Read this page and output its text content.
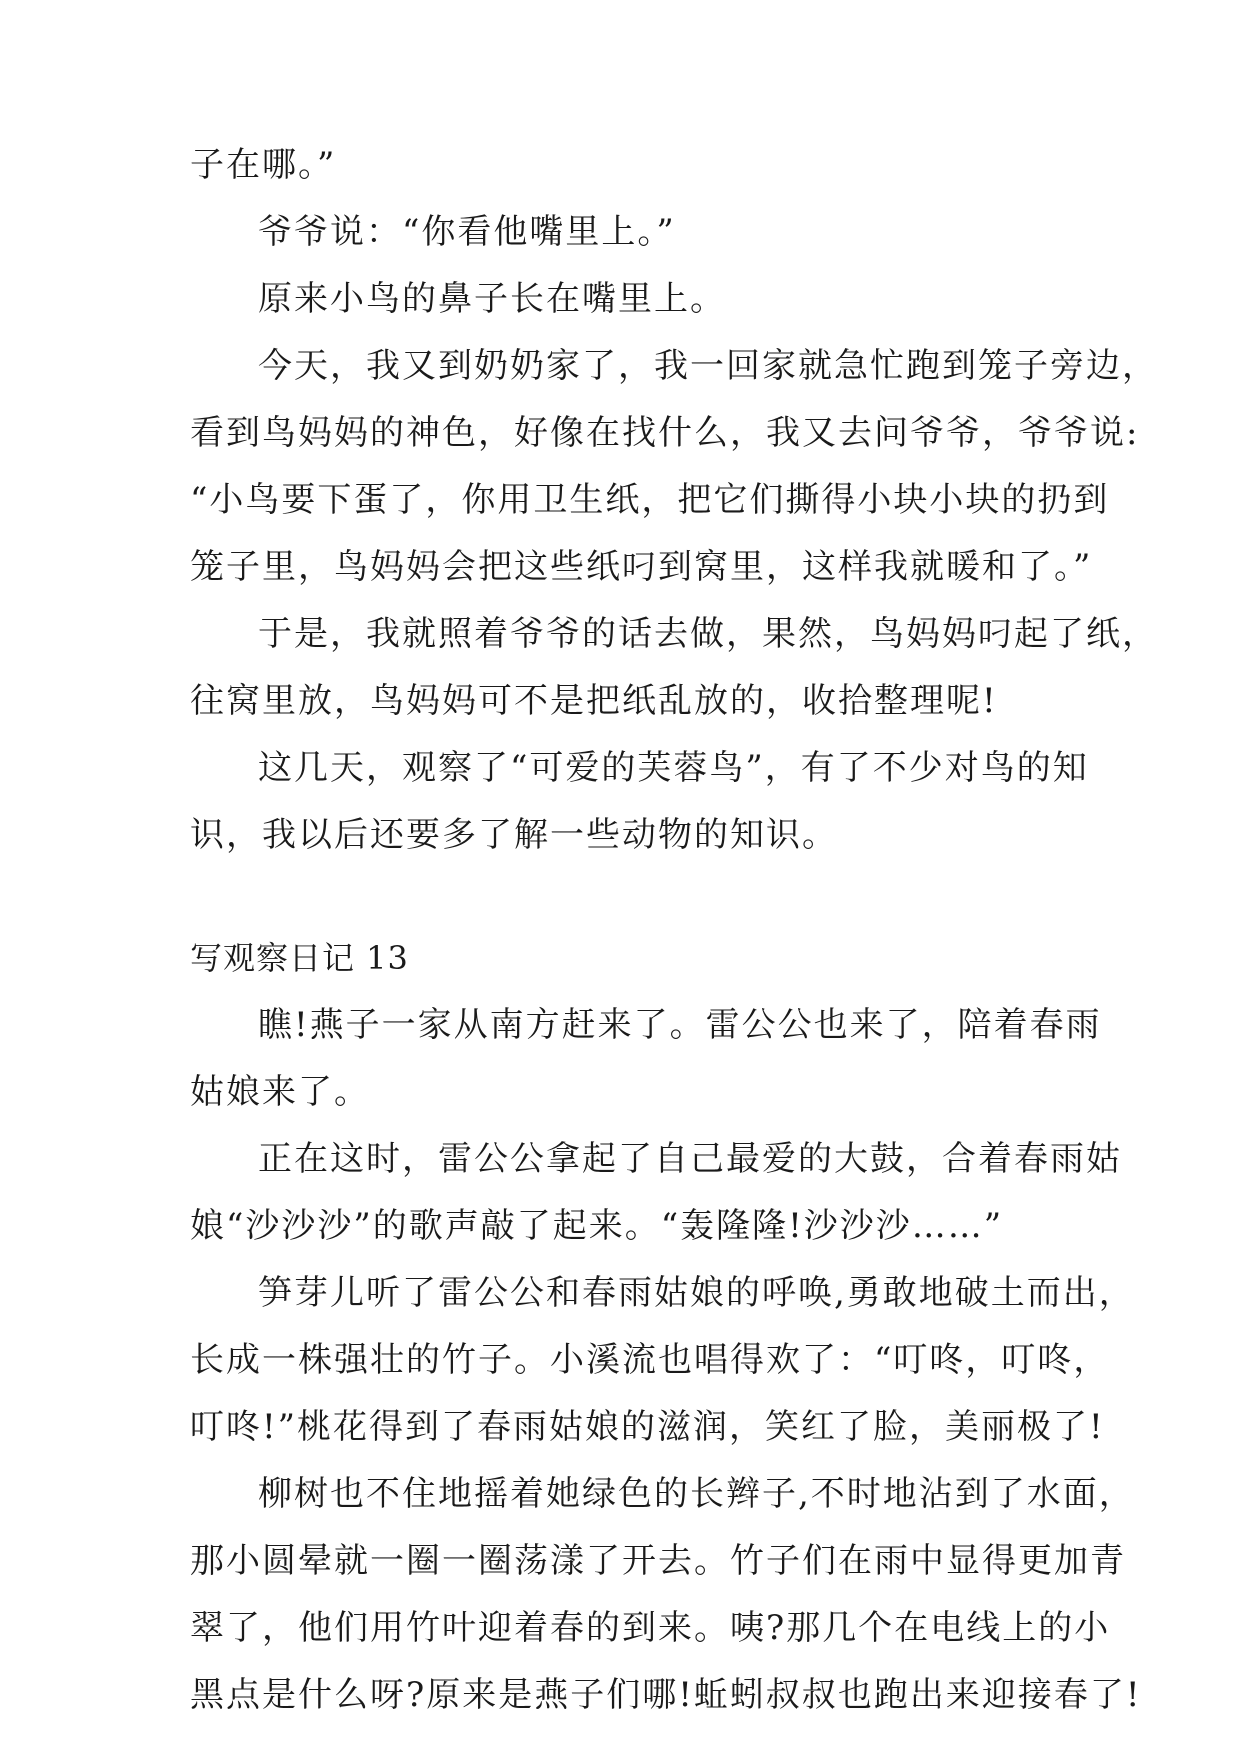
子在哪。”
爷爷说：“你看他嘴里上。”
原来小鸟的鼻子长在嘴里上。
今天，我又到奶奶家了，我一回家就急忙跑到笼子旁边，
看到鸟妈妈的神色，好像在找什么，我又去问爷爷，爷爷说:
“小鸟要下蛋了，你用卫生纸，把它们撕得小块小块的扔到
笼子里，鸟妈妈会把这些纸叼到窝里，这样我就暖和了。”
于是，我就照着爷爷的话去做，果然，鸟妈妈叼起了纸，
往窝里放，鸟妈妈可不是把纸乱放的，收拾整理呢!
这几天，观察了“可爱的芙蓉鸟”，有了不少对鸟的知
识，我以后还要多了解一些动物的知识。
写观察日记 13
瞧!燕子一家从南方赶来了。雷公公也来了，陪着春雨
姑娘来了。
正在这时，雷公公拿起了自己最爱的大鼓，合着春雨姑
娘“沙沙沙”的歌声敲了起来。“轰隆隆!沙沙沙……”
笋芽儿听了雷公公和春雨姑娘的呼唤,勇敢地破土而出，
长成一株强壮的竹子。小溪流也唱得欢了：“叮咚，叮咚，
叮咚!”桃花得到了春雨姑娘的滋润，笑红了脸，美丽极了!
柳树也不住地摇着她绿色的长辫子,不时地沾到了水面，
那小圆晕就一圈一圈荡漾了开去。竹子们在雨中显得更加青
翠了，他们用竹叶迎着春的到来。咦?那几个在电线上的小
黑点是什么呀?原来是燕子们哪!蚯蚓叔叔也跑出来迎接春了!
